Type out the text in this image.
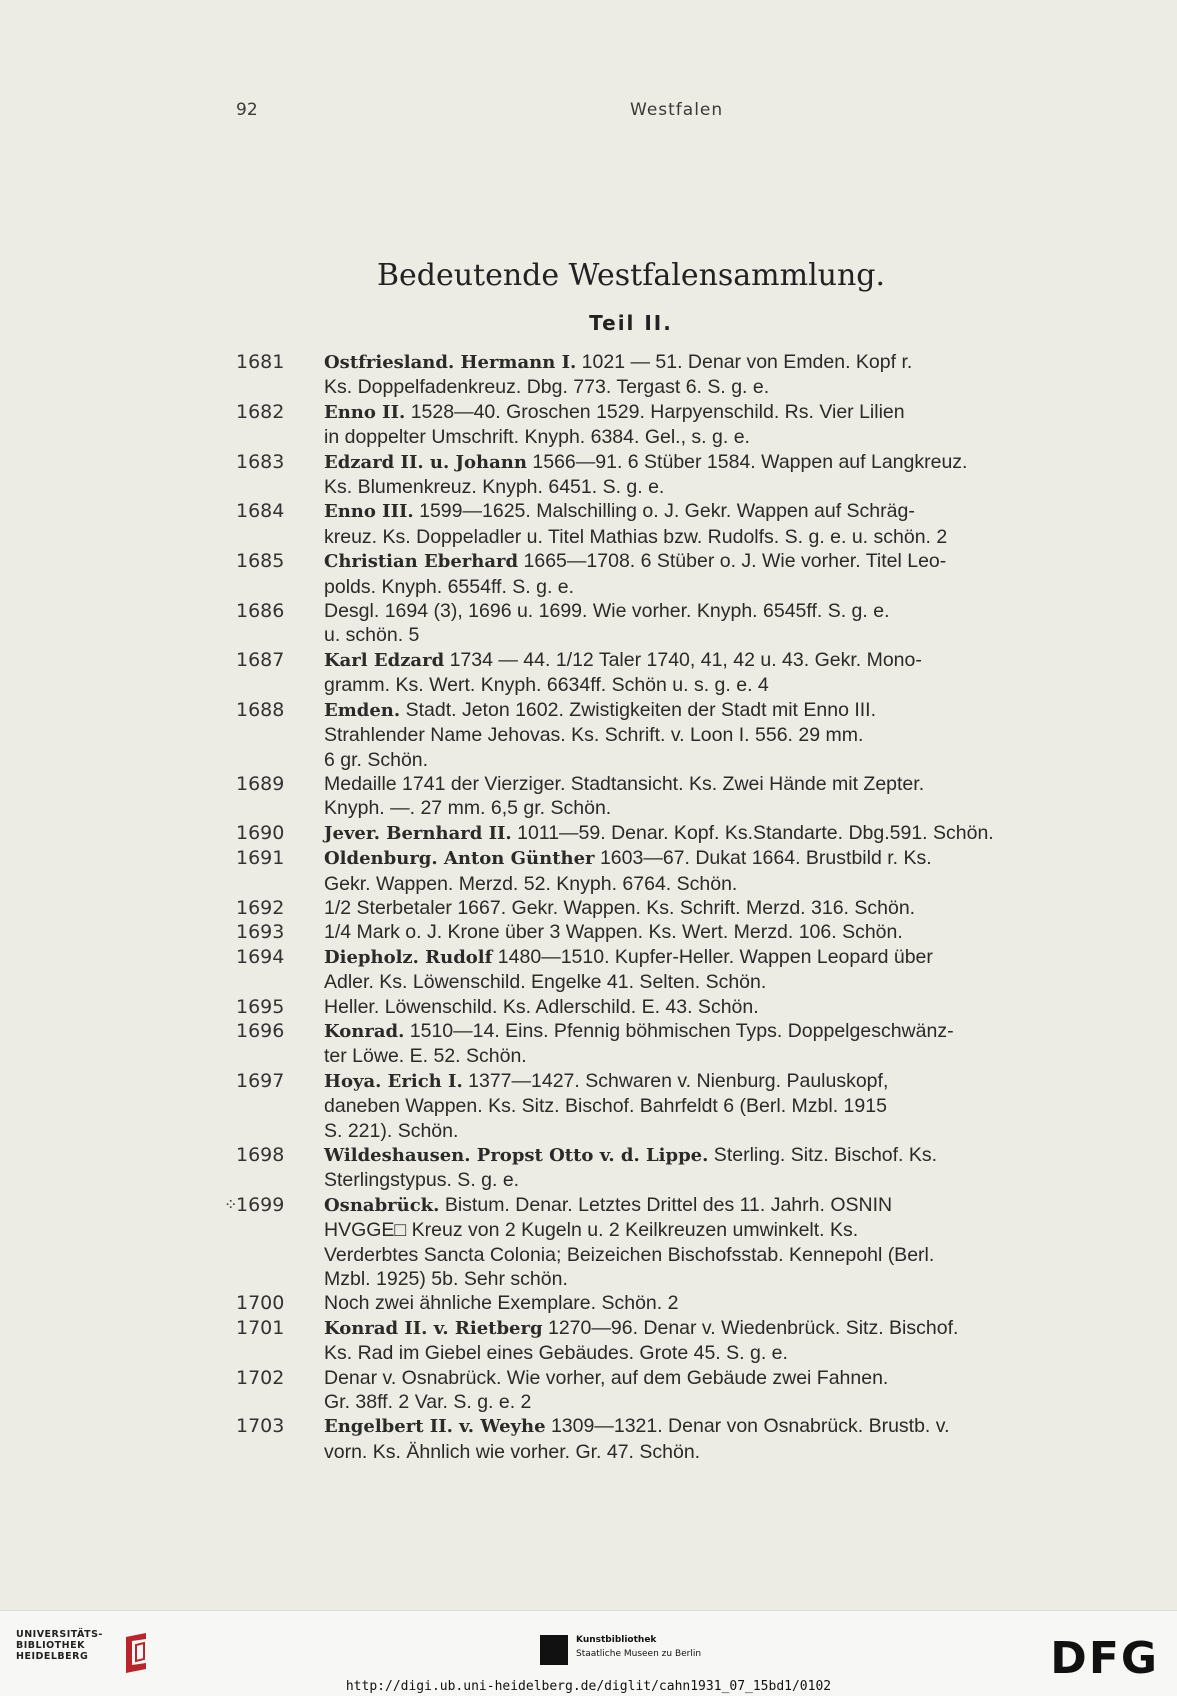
92	Westfalen
Bedeutende Westfalensammlung.
Teil II.
1681	Ostfriesland. Hermann I. 1021 — 51. Denar von Emden. Kopf r.
Ks. Doppelfadenkreuz. Dbg. 773. Tergast 6. S. g. e.
1682	Enno II. 1528—40. Groschen 1529. Harpyenschild. Rs. Vier Lilien
in doppelter Umschrift. Knyph. 6384. Gel., s. g. e.
1683	Edzard II. u. Johann 1566—91. 6 Stüber 1584. Wappen auf Langkreuz.
Ks. Blumenkreuz. Knyph. 6451. S. g. e.
1684	Enno III. 1599—1625. Malschilling o. J. Gekr. Wappen auf Schräg-
kreuz. Ks. Doppeladler u. Titel Mathias bzw. Rudolfs. S. g. e. u. schön. 2
1685	Christian Eberhard 1665—1708. 6 Stüber o. J. Wie vorher. Titel Leo-
polds. Knyph. 6554ff. S. g. e.
1686	Desgl. 1694 (3), 1696 u. 1699. Wie vorher. Knyph. 6545ff. S. g. e.
u. schön. 5
1687	Karl Edzard 1734 — 44. 1/12 Taler 1740, 41, 42 u. 43. Gekr. Mono-
gramm. Ks. Wert. Knyph. 6634ff. Schön u. s. g. e. 4
1688	Emden. Stadt. Jeton 1602. Zwistigkeiten der Stadt mit Enno III.
Strahlender Name Jehovas. Ks. Schrift. v. Loon I. 556. 29 mm.
6 gr. Schön.
1689	Medaille 1741 der Vierziger. Stadtansicht. Ks. Zwei Hände mit Zepter.
Knyph. —. 27 mm. 6,5 gr. Schön.
1690	Jever. Bernhard II. 1011—59. Denar. Kopf. Ks.Standarte. Dbg.591. Schön.
1691	Oldenburg. Anton Günther 1603—67. Dukat 1664. Brustbild r. Ks.
Gekr. Wappen. Merzd. 52. Knyph. 6764. Schön.
1692	1/2 Sterbetaler 1667. Gekr. Wappen. Ks. Schrift. Merzd. 316. Schön.
1693	1/4 Mark o. J. Krone über 3 Wappen. Ks. Wert. Merzd. 106. Schön.
1694	Diepholz. Rudolf 1480—1510. Kupfer-Heller. Wappen Leopard über
Adler. Ks. Löwenschild. Engelke 41. Selten. Schön.
1695	Heller. Löwenschild. Ks. Adlerschild. E. 43. Schön.
1696	Konrad. 1510—14. Eins. Pfennig böhmischen Typs. Doppelgeschwänz-
ter Löwe. E. 52. Schön.
1697	Hoya. Erich I. 1377—1427. Schwaren v. Nienburg. Pauluskopf,
daneben Wappen. Ks. Sitz. Bischof. Bahrfeldt 6 (Berl. Mzbl. 1915
S. 221). Schön.
1698	Wildeshausen. Propst Otto v. d. Lippe. Sterling. Sitz. Bischof. Ks.
Sterlingstypus. S. g. e.
⁘
1699	Osnabrück. Bistum. Denar. Letztes Drittel des 11. Jahrh. OSNIN
HVGGE□ Kreuz von 2 Kugeln u. 2 Keilkreuzen umwinkelt. Ks.
Verderbtes Sancta Colonia; Beizeichen Bischofsstab. Kennepohl (Berl.
Mzbl. 1925) 5b. Sehr schön.
1700	Noch zwei ähnliche Exemplare. Schön. 2
1701	Konrad II. v. Rietberg 1270—96. Denar v. Wiedenbrück. Sitz. Bischof.
Ks. Rad im Giebel eines Gebäudes. Grote 45. S. g. e.
1702	Denar v. Osnabrück. Wie vorher, auf dem Gebäude zwei Fahnen.
Gr. 38ff. 2 Var. S. g. e. 2
1703	Engelbert II. v. Weyhe 1309—1321. Denar von Osnabrück. Brustb. v.
vorn. Ks. Ähnlich wie vorher. Gr. 47. Schön.
UNIVERSITÄTS-
BIBLIOTHEK
HEIDELBERG
Kunstbibliothek
Staatliche Museen zu Berlin	DFG
http://digi.ub.uni-heidelberg.de/diglit/cahn1931_07_15bd1/0102
